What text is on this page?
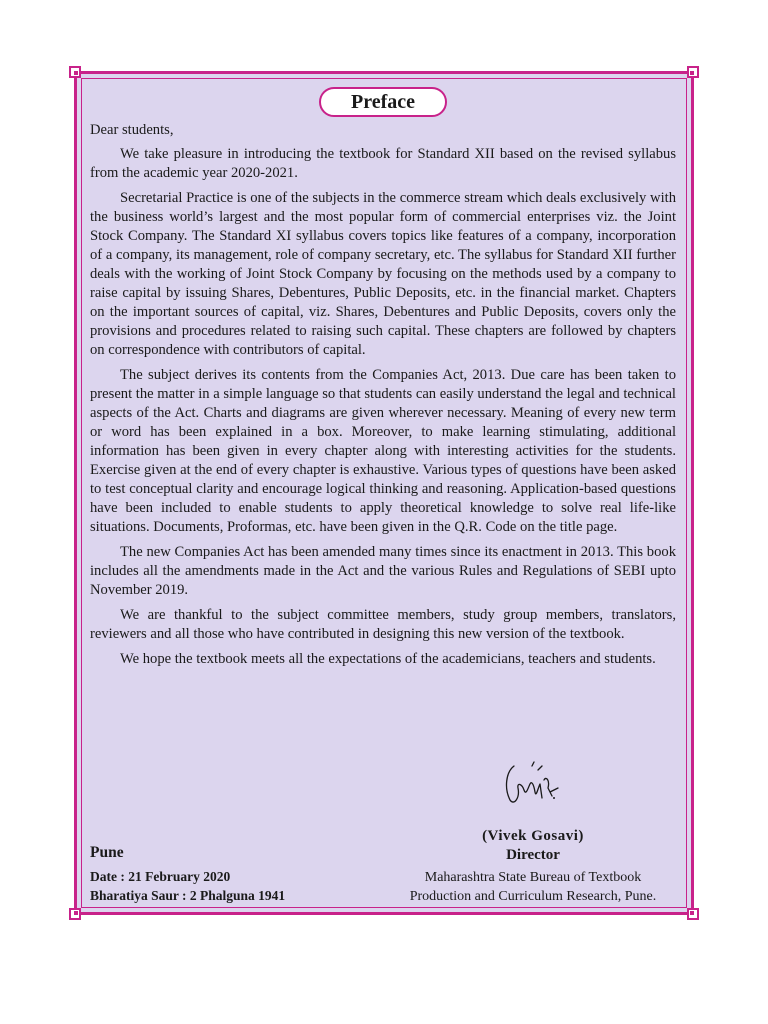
Preface

Dear students,

We take pleasure in introducing the textbook for Standard XII based on the revised syllabus from the academic year 2020-2021.

Secretarial Practice is one of the subjects in the commerce stream which deals exclusively with the business world’s largest and the most popular form of commercial enterprises viz. the Joint Stock Company. The Standard XI syllabus covers topics like features of a company, incorporation of a company, its management, role of company secretary, etc. The syllabus for Standard XII further deals with the working of Joint Stock Company by focusing on the methods used by a company to raise capital by issuing Shares, Debentures, Public Deposits, etc. in the financial market. Chapters on the important sources of capital, viz. Shares, Debentures and Public Deposits, covers only the provisions and procedures related to raising such capital. These chapters are followed by chapters on correspondence with contributors of capital.

The subject derives its contents from the Companies Act, 2013. Due care has been taken to present the matter in a simple language so that students can easily understand the legal and technical aspects of the Act. Charts and diagrams are given wherever necessary. Meaning of every new term or word has been explained in a box. Moreover, to make learning stimulating, additional information has been given in every chapter along with interesting activities for the students. Exercise given at the end of every chapter is exhaustive. Various types of questions have been asked to test conceptual clarity and encourage logical thinking and reasoning. Application-based questions have been included to enable students to apply theoretical knowledge to solve real life-like situations. Documents, Proformas, etc. have been given in the Q.R. Code on the title page.

The new Companies Act has been amended many times since its enactment in 2013. This book includes all the amendments made in the Act and the various Rules and Regulations of SEBI upto November 2019.

We are thankful to the subject committee members, study group members, translators, reviewers and all those who have contributed in designing this new version of the textbook.

We hope the textbook meets all the expectations of the academicians, teachers and students.

(Vivek Gosavi)
Director
Maharashtra State Bureau of Textbook
Production and Curriculum Research, Pune.
Pune
Date : 21 February 2020
Bharatiya Saur : 2 Phalguna 1941
